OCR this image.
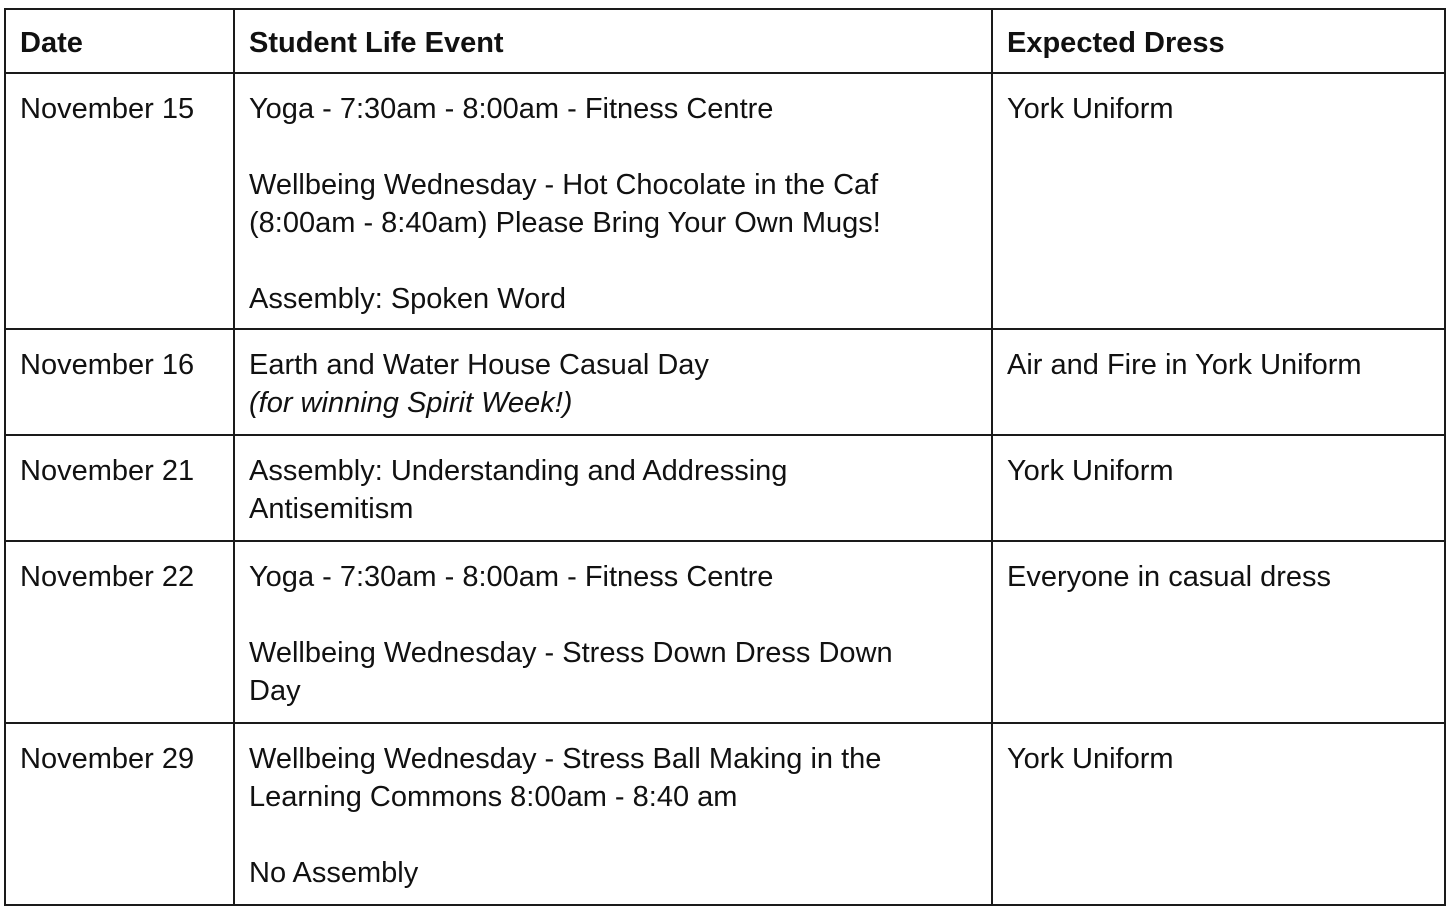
Date	Student Life Event	Expected Dress
November 15	Yoga - 7:30am - 8:00am - Fitness Centre
Wellbeing Wednesday - Hot Chocolate in the Caf
(8:00am - 8:40am) Please Bring Your Own Mugs!
Assembly: Spoken Word	York Uniform
November 16	Earth and Water House Casual Day
(for winning Spirit Week!)	Air and Fire in York Uniform
November 21	Assembly: Understanding and Addressing
Antisemitism	York Uniform
November 22	Yoga - 7:30am - 8:00am - Fitness Centre
Wellbeing Wednesday - Stress Down Dress Down
Day	Everyone in casual dress
November 29	Wellbeing Wednesday - Stress Ball Making in the
Learning Commons 8:00am - 8:40 am
No Assembly	York Uniform
